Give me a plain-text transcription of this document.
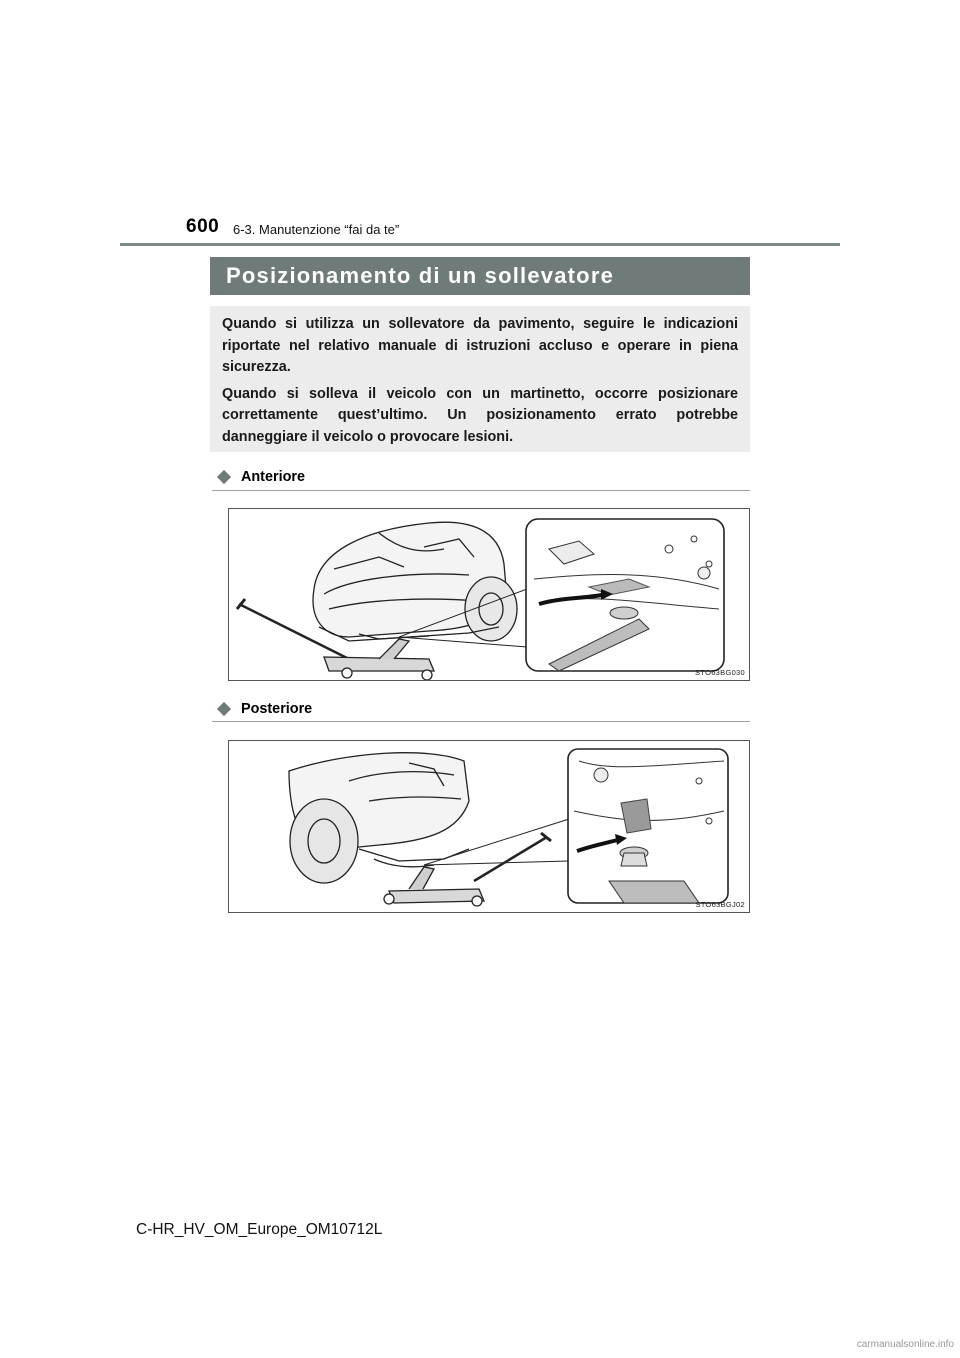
600 6-3. Manutenzione “fai da te”
Posizionamento di un sollevatore

Quando si utilizza un sollevatore da pavimento, seguire le indicazioni riportate nel relativo manuale di istruzioni accluso e operare in piena sicurezza.

Quando si solleva il veicolo con un martinetto, occorre posizionare correttamente quest’ultimo. Un posizionamento errato potrebbe danneggiare il veicolo o provocare lesioni.

Anteriore
STO63BG030
Posteriore
STO63BGJ02
C-HR_HV_OM_Europe_OM10712L
carmanualsonline.info
